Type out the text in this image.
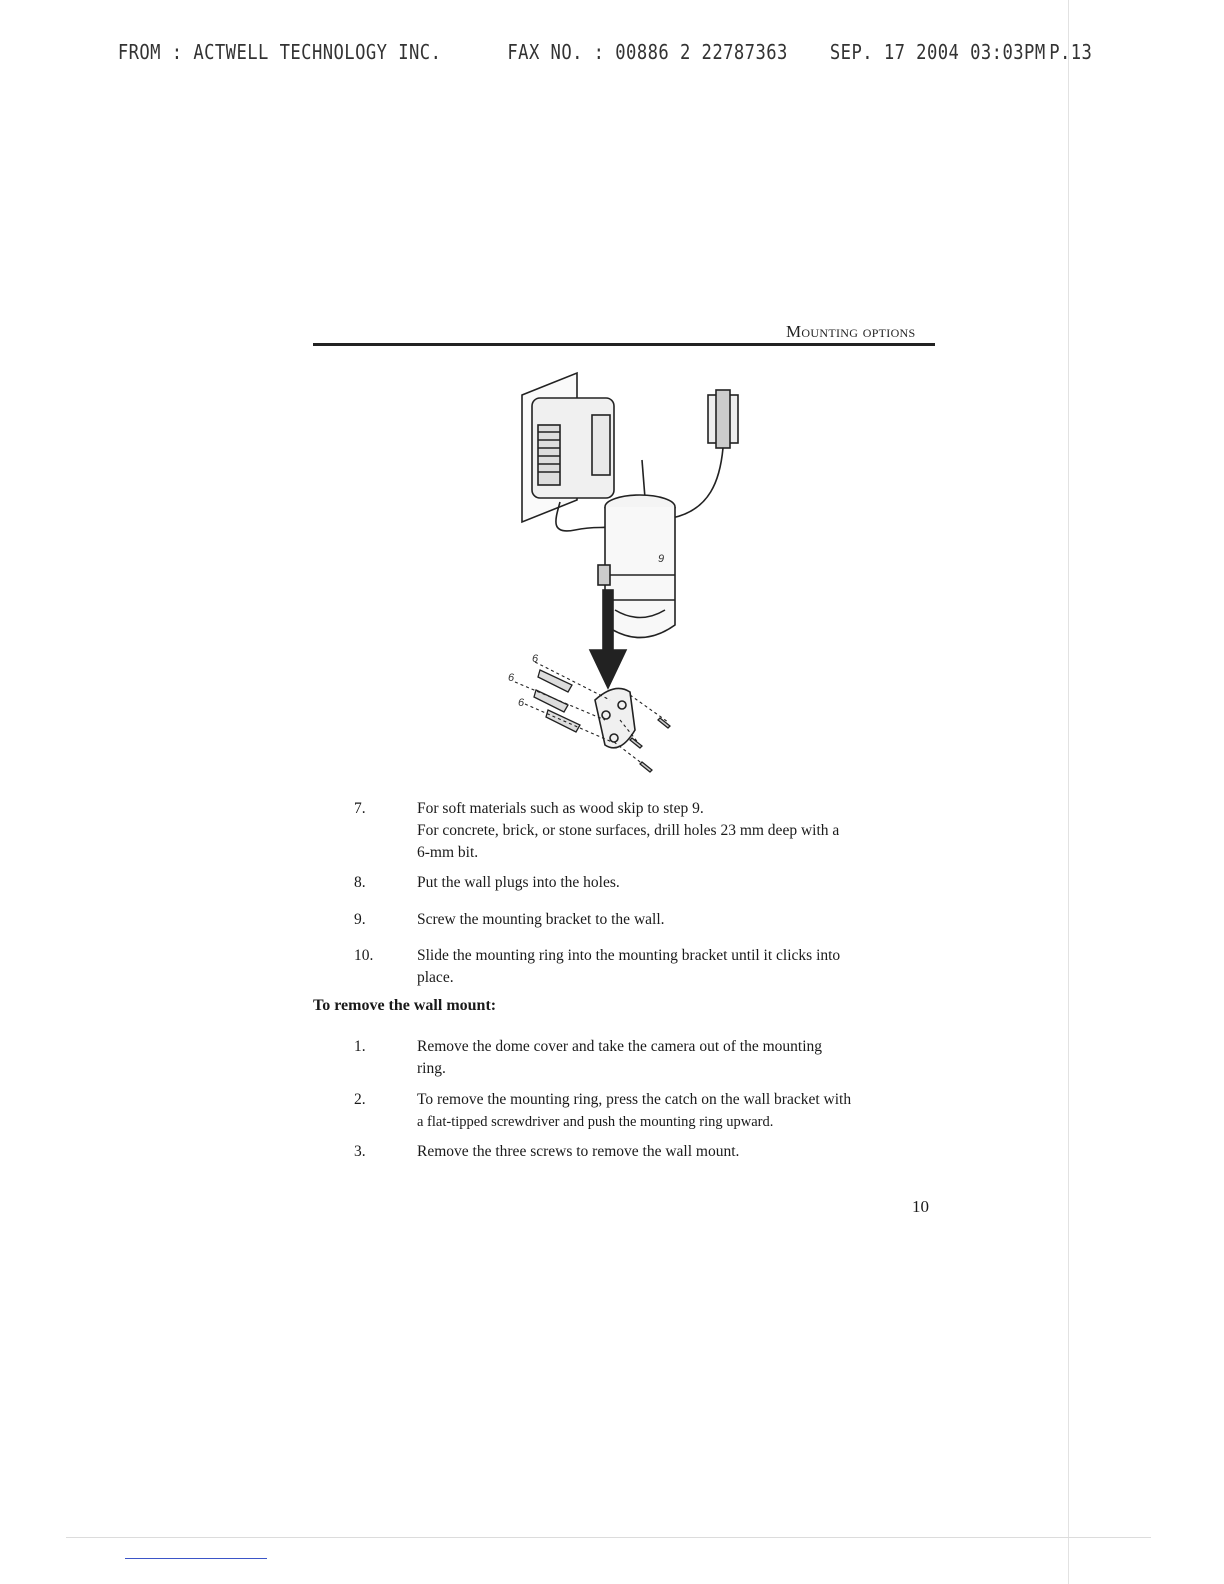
FROM : ACTWELL TECHNOLOGY INC.	FAX NO. : 00886 2 22787363 SEP. 17 2004 03:03PM P.13
Mounting options
6
6
6
9
7.	For soft materials such as wood skip to step 9.
For concrete, brick, or stone surfaces, drill holes 23 mm deep with a
6-mm bit.
8.	Put the wall plugs into the holes.
9.	Screw the mounting bracket to the wall.
10.	Slide the mounting ring into the mounting bracket until it clicks into
place.
To remove the wall mount:
1.	Remove the dome cover and take the camera out of the mounting
ring.
2.	To remove the mounting ring, press the catch on the wall bracket with
a flat-tipped screwdriver and push the mounting ring upward.
3.	Remove the three screws to remove the wall mount.
10
